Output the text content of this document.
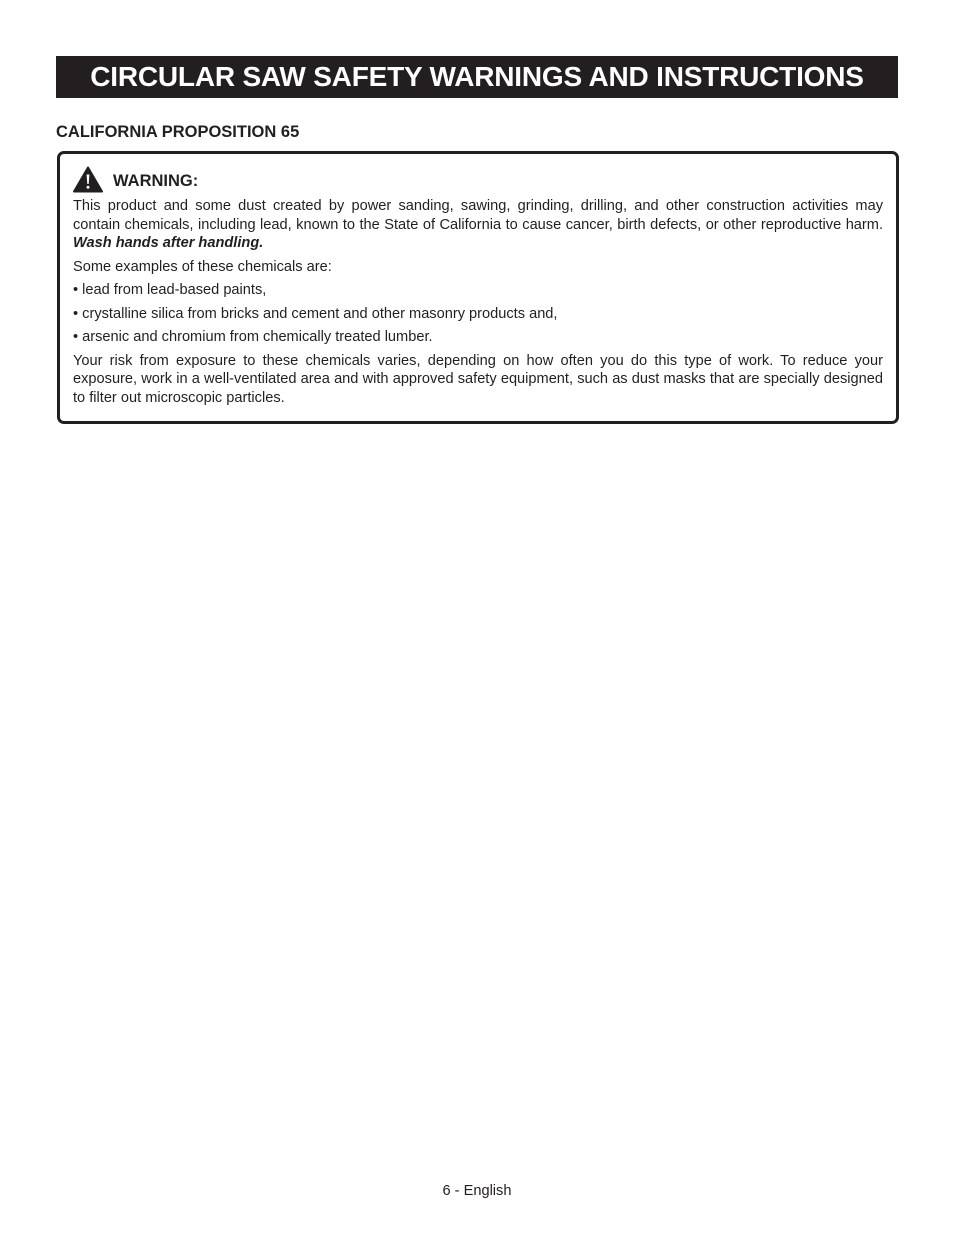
CIRCULAR SAW SAFETY WARNINGS AND INSTRUCTIONS
CALIFORNIA PROPOSITION 65
WARNING:

This product and some dust created by power sanding, sawing, grinding, drilling, and other construction activities may contain chemicals, including lead, known to the State of California to cause cancer, birth defects, or other reproductive harm. Wash hands after handling.

Some examples of these chemicals are:

• lead from lead-based paints,

• crystalline silica from bricks and cement and other masonry products and,

• arsenic and chromium from chemically treated lumber.

Your risk from exposure to these chemicals varies, depending on how often you do this type of work. To reduce your exposure, work in a well-ventilated area and with approved safety equipment, such as dust masks that are specially designed to filter out microscopic particles.

6 - English
